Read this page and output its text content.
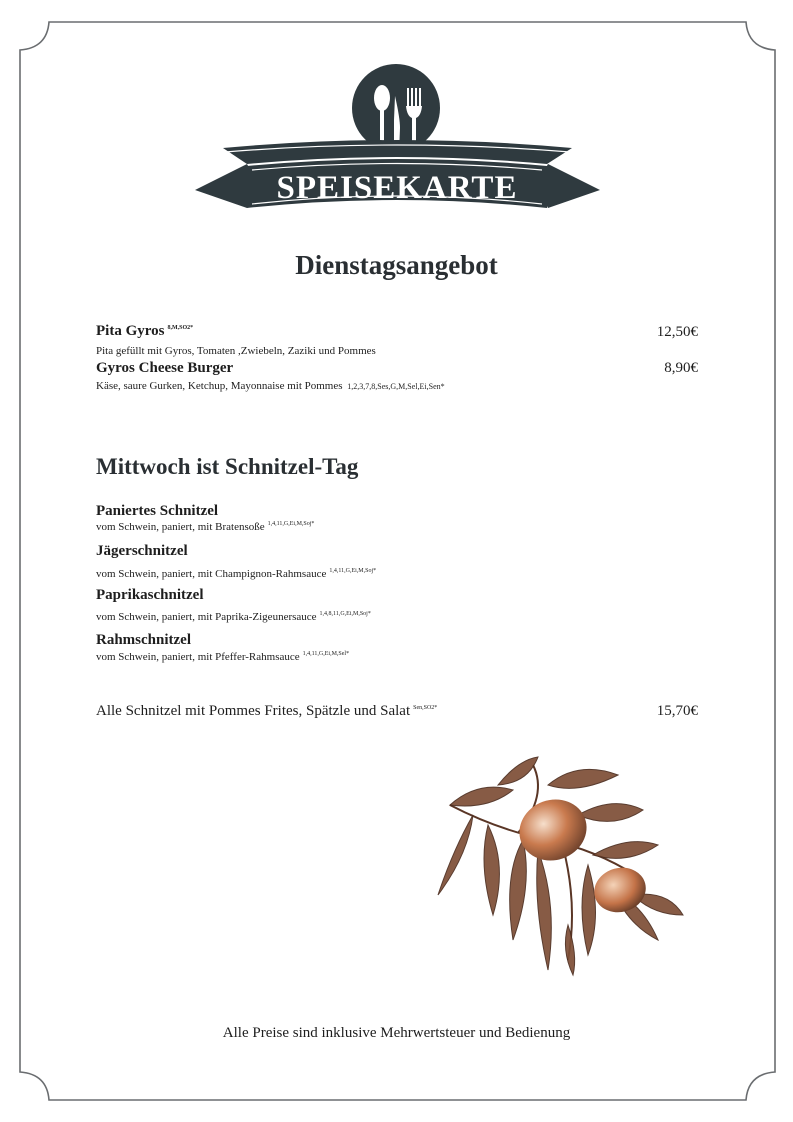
SPEISEKARTE
Dienstagsangebot
Pita Gyros $^{8,M,SO2*}$	12,50€
Pita gefüllt mit Gyros, Tomaten ,Zwiebeln, Zaziki und Pommes
Gyros Cheese Burger	8,90€
Käse, saure Gurken, Ketchup, Mayonnaise mit Pommes 1,2,3,7,8,Ses,G,M,Sel,Ei,Sen*
Mittwoch ist Schnitzel-Tag
Paniertes Schnitzel
vom Schwein, paniert, mit Bratensoße $^{1,4,11,G,Ei,M,Soj*}$
Jägerschnitzel
vom Schwein, paniert, mit Champignon-Rahmsauce $^{1,4,11,G,Ei,M,Soj*}$
Paprikaschnitzel
vom Schwein, paniert, mit Paprika-Zigeunersauce $^{1,4,8,11,G,Ei,M,Soj*}$
Rahmschnitzel
vom Schwein, paniert, mit Pfeffer-Rahmsauce $^{1,4,11,G,Ei,M,Sel*}$
Alle Schnitzel mit Pommes Frites, Spätzle und Salat $^{Sen,SO2*}$	15,70€
Alle Preise sind inklusive Mehrwertsteuer und Bedienung
